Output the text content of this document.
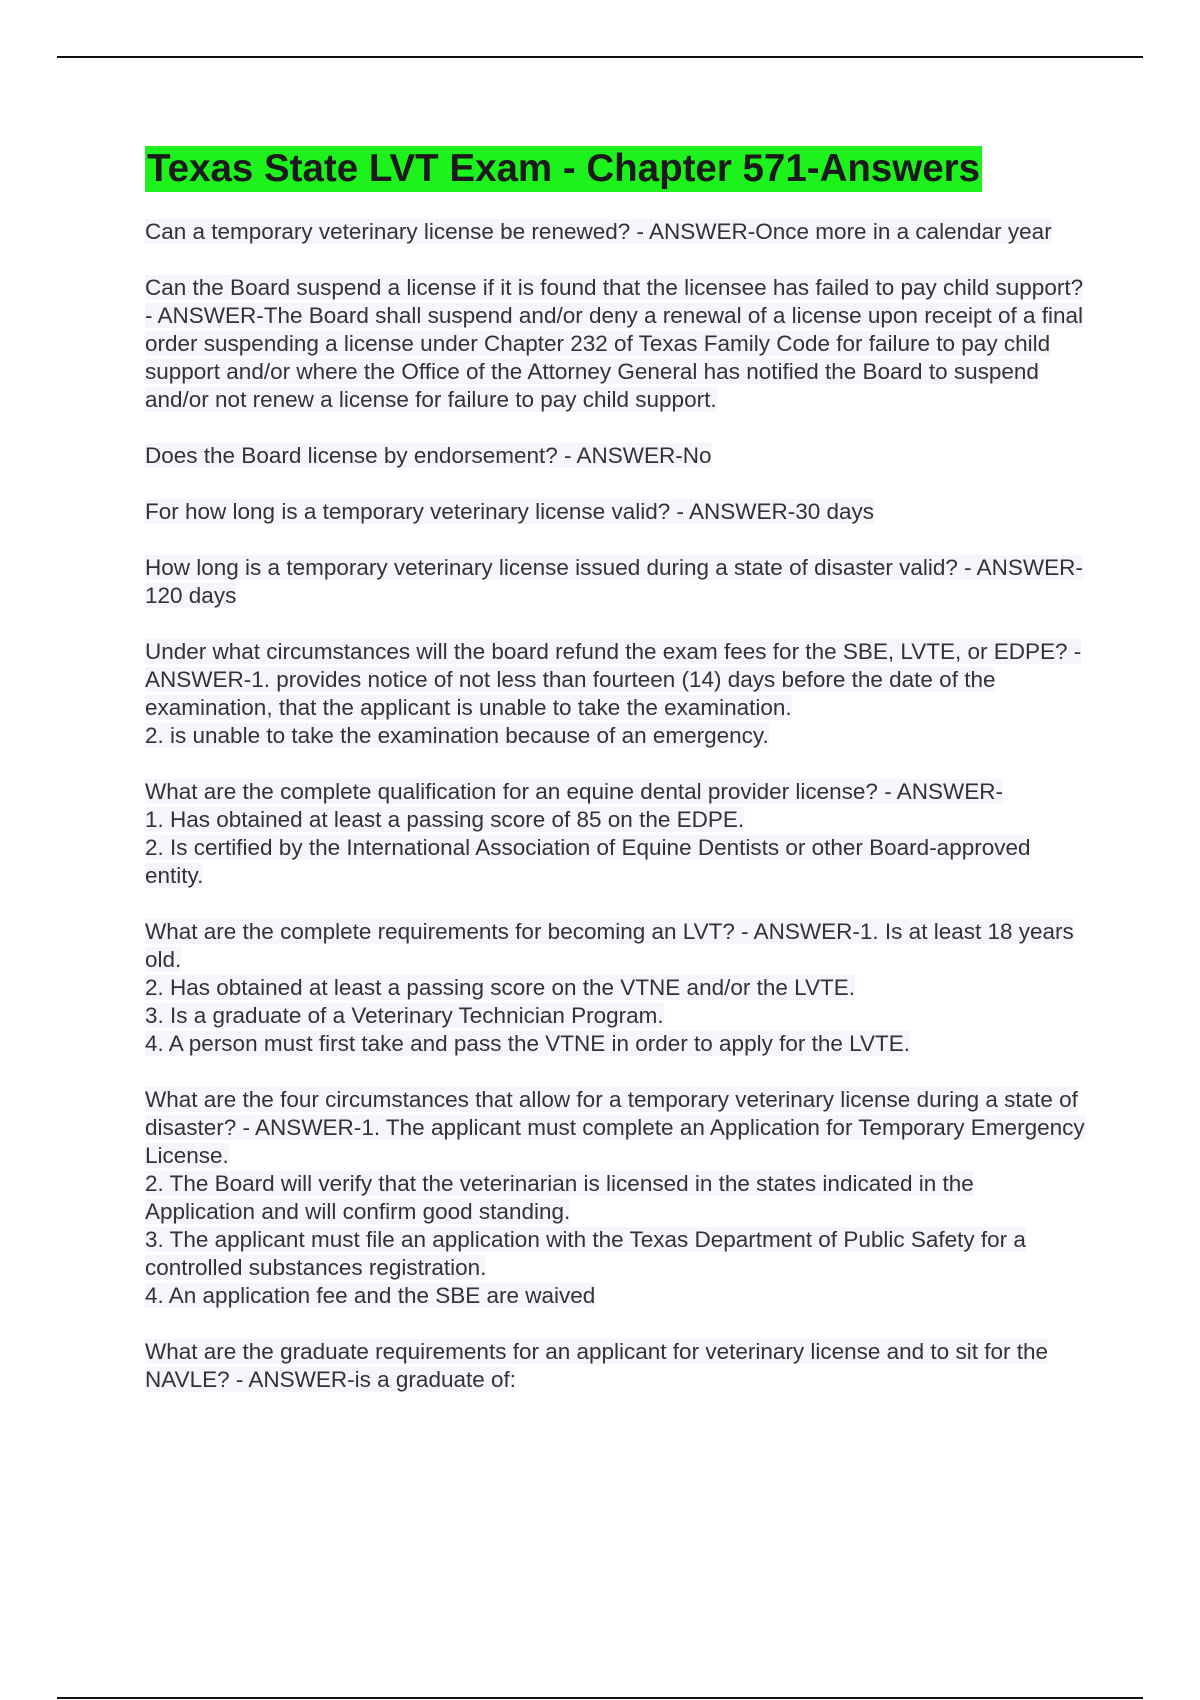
Texas State LVT Exam - Chapter 571-Answers
Can a temporary veterinary license be renewed? - ANSWER-Once more in a calendar year
Can the Board suspend a license if it is found that the licensee has failed to pay child support? - ANSWER-The Board shall suspend and/or deny a renewal of a license upon receipt of a final order suspending a license under Chapter 232 of Texas Family Code for failure to pay child support and/or where the Office of the Attorney General has notified the Board to suspend and/or not renew a license for failure to pay child support.
Does the Board license by endorsement? - ANSWER-No
For how long is a temporary veterinary license valid? - ANSWER-30 days
How long is a temporary veterinary license issued during a state of disaster valid? - ANSWER-120 days
Under what circumstances will the board refund the exam fees for the SBE, LVTE, or EDPE? - ANSWER-1. provides notice of not less than fourteen (14) days before the date of the examination, that the applicant is unable to take the examination.
2. is unable to take the examination because of an emergency.
What are the complete qualification for an equine dental provider license? - ANSWER-
1. Has obtained at least a passing score of 85 on the EDPE.
2. Is certified by the International Association of Equine Dentists or other Board-approved entity.
What are the complete requirements for becoming an LVT? - ANSWER-1. Is at least 18 years old.
2. Has obtained at least a passing score on the VTNE and/or the LVTE.
3. Is a graduate of a Veterinary Technician Program.
4. A person must first take and pass the VTNE in order to apply for the LVTE.
What are the four circumstances that allow for a temporary veterinary license during a state of disaster? - ANSWER-1. The applicant must complete an Application for Temporary Emergency License.
2. The Board will verify that the veterinarian is licensed in the states indicated in the Application and will confirm good standing.
3. The applicant must file an application with the Texas Department of Public Safety for a controlled substances registration.
4. An application fee and the SBE are waived
What are the graduate requirements for an applicant for veterinary license and to sit for the NAVLE? - ANSWER-is a graduate of:
